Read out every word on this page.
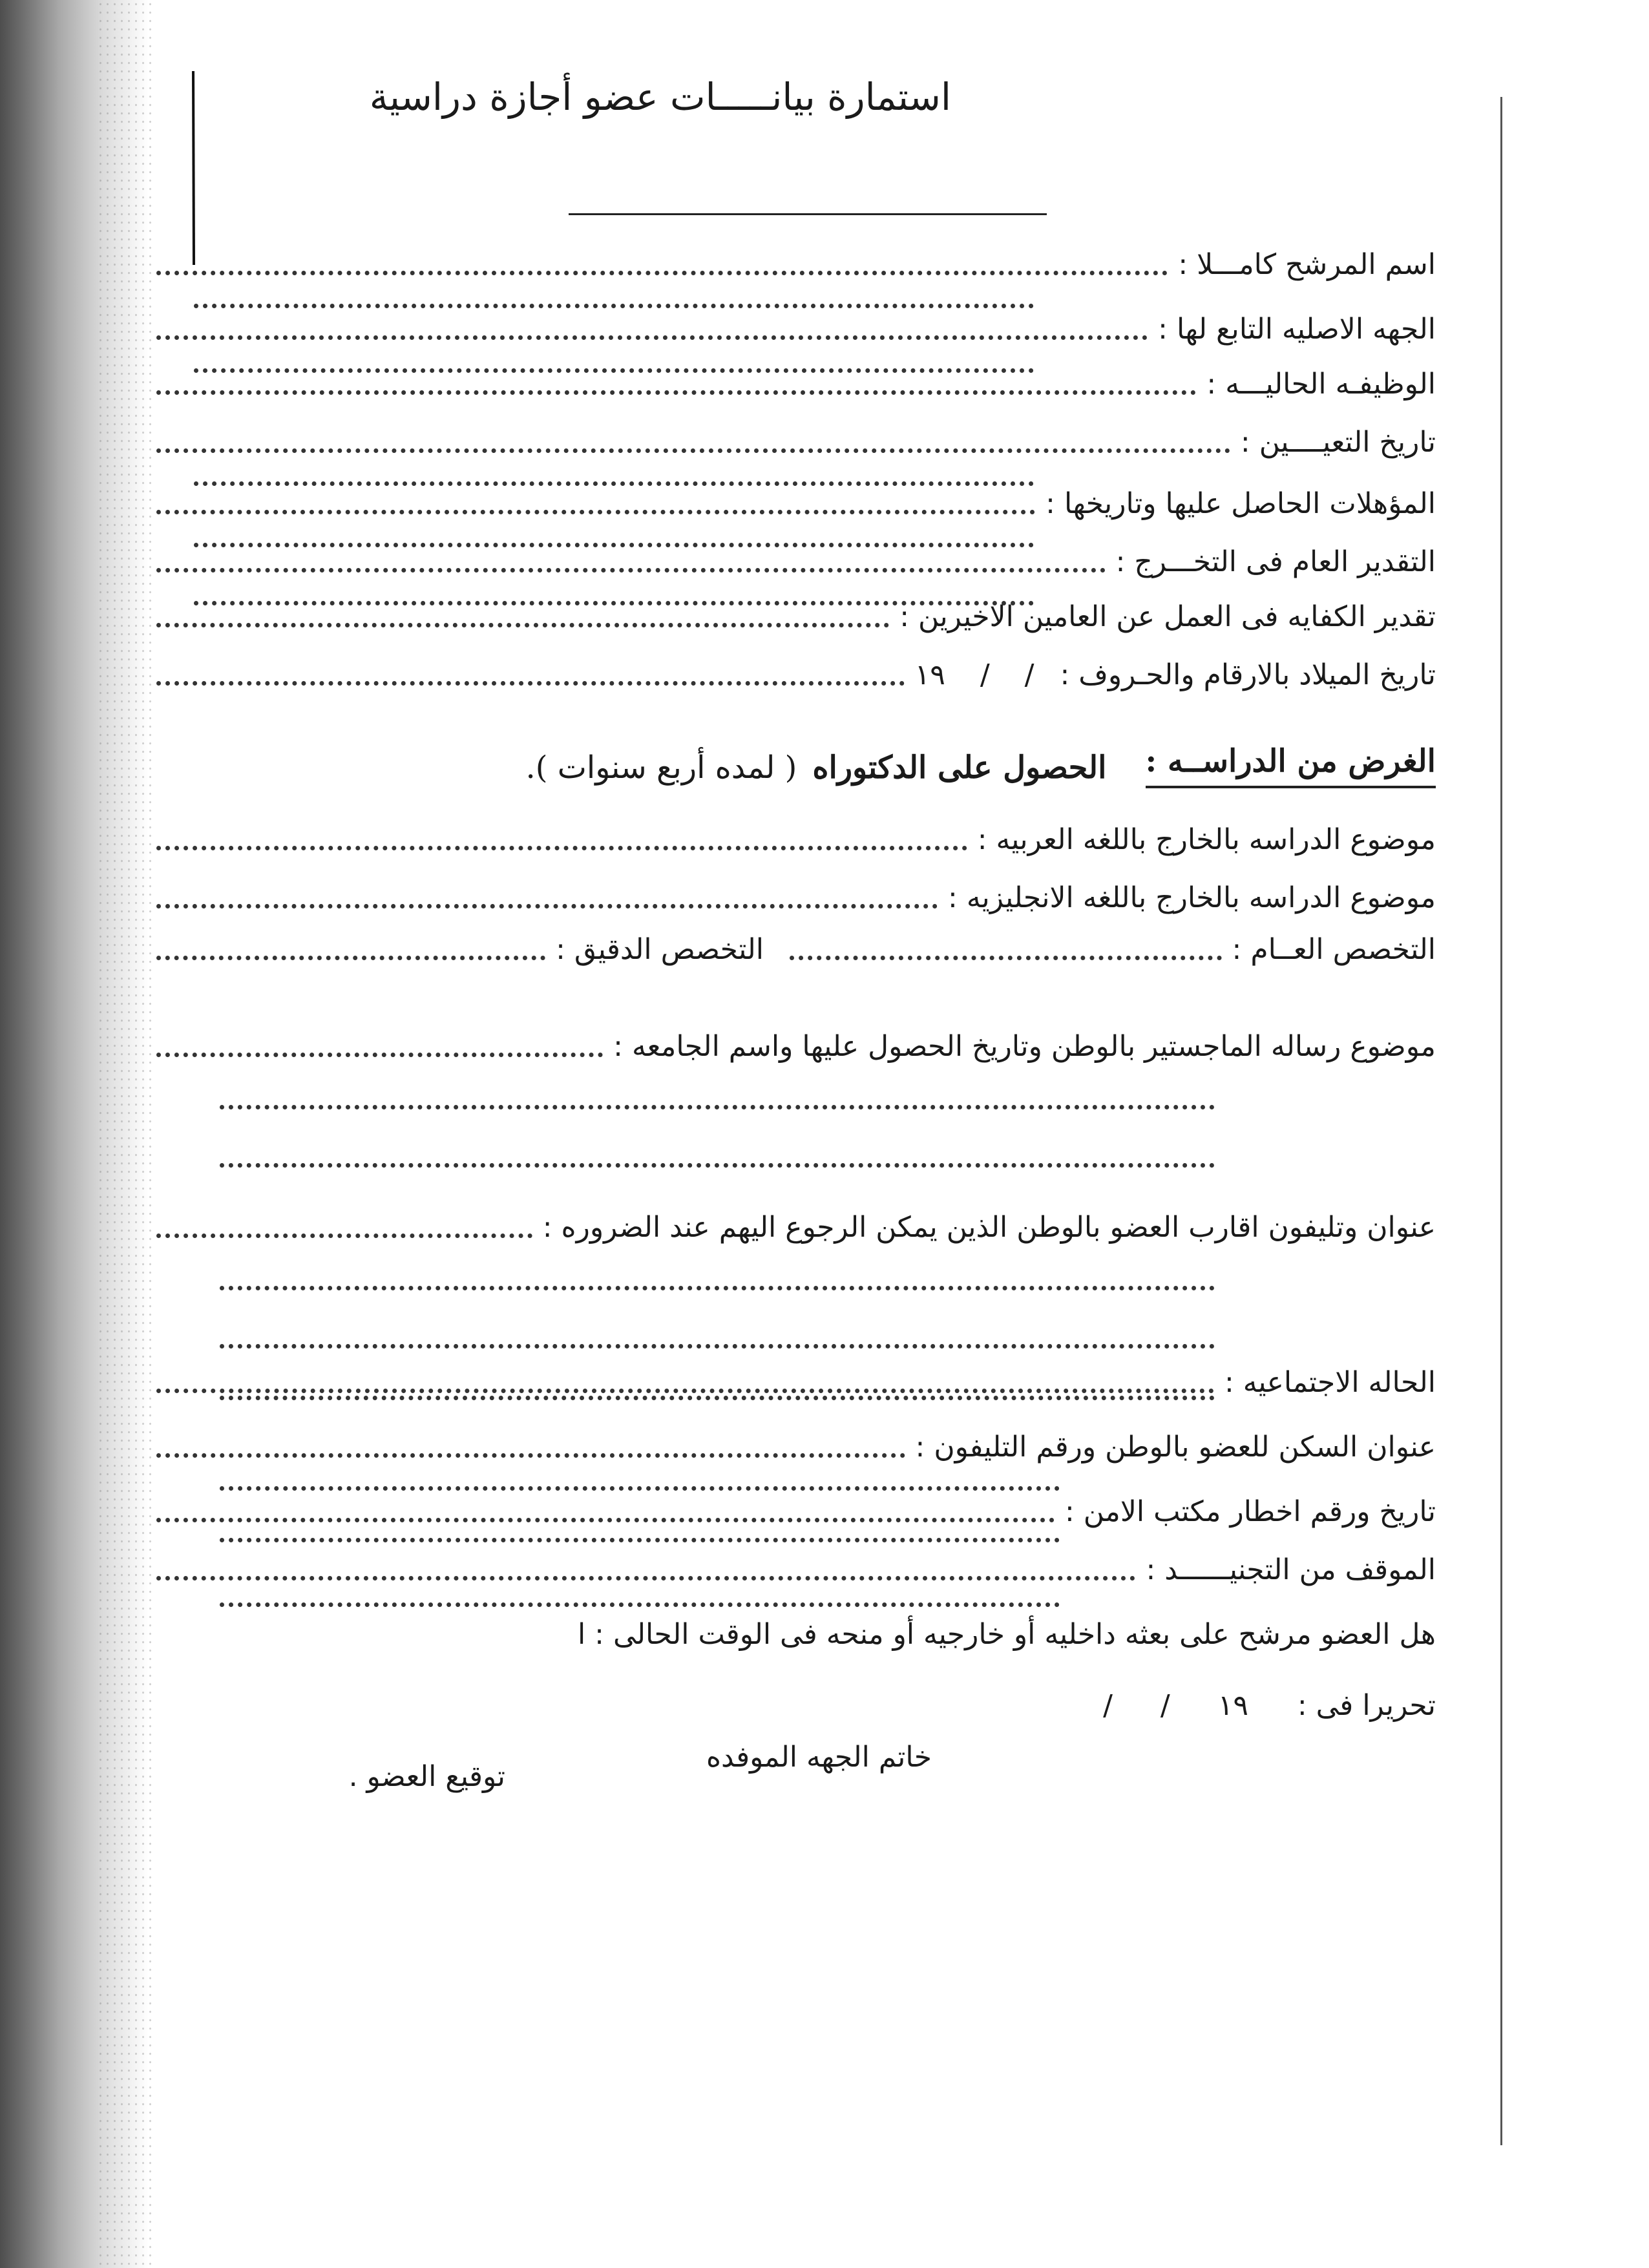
استمارة بيانـــــات عضو أجازة دراسية
اسم المرشح كامـــلا :
الجهه الاصليه التابع لها :
الوظيفـه الحاليـــه :
تاريخ التعيــــين :
المؤهلات الحاصل عليها وتاريخها :
التقدير العام فى التخـــرج :
تقدير الكفايه فى العمل عن العامين الاخيرين :
تاريخ الميلاد بالارقام والحـروف :
/ / ١٩
الغرض من الدراســه :
الحصول على الدكتوراه
( لمده أربع سنوات ).
موضوع الدراسه بالخارج باللغه العربيه :
موضوع الدراسه بالخارج باللغه الانجليزيه :
التخصص العــام :
التخصص الدقيق :
موضوع رساله الماجستير بالوطن وتاريخ الحصول عليها واسم الجامعه :
عنوان وتليفون اقارب العضو بالوطن الذين يمكن الرجوع اليهم عند الضروره :
الحاله الاجتماعيه :
عنوان السكن للعضو بالوطن ورقم التليفون :
تاريخ ورقم اخطار مكتب الامن :
الموقف من التجنيــــــد :
هل العضو مرشح على بعثه داخليه أو خارجيه أو منحه فى الوقت الحالى : ا
تحريرا فى :
/ / ١٩
خاتم الجهه الموفده
توقيع العضو .
